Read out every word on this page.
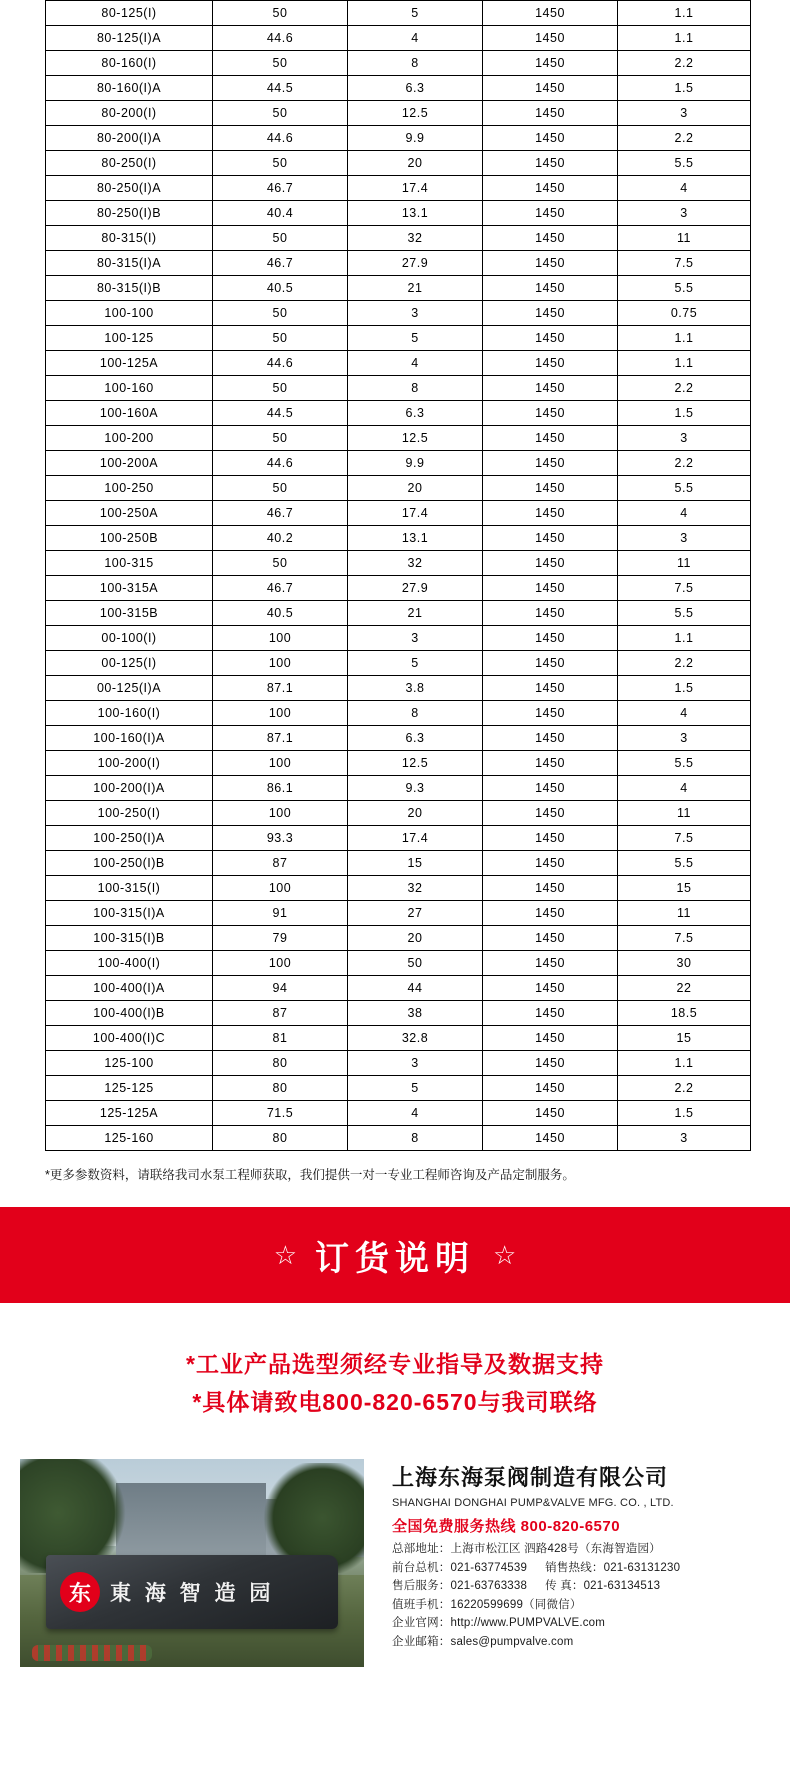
80-125(I)	50	5	1450	1.1
80-125(I)A	44.6	4	1450	1.1
80-160(I)	50	8	1450	2.2
80-160(I)A	44.5	6.3	1450	1.5
80-200(I)	50	12.5	1450	3
80-200(I)A	44.6	9.9	1450	2.2
80-250(I)	50	20	1450	5.5
80-250(I)A	46.7	17.4	1450	4
80-250(I)B	40.4	13.1	1450	3
80-315(I)	50	32	1450	11
80-315(I)A	46.7	27.9	1450	7.5
80-315(I)B	40.5	21	1450	5.5
100-100	50	3	1450	0.75
100-125	50	5	1450	1.1
100-125A	44.6	4	1450	1.1
100-160	50	8	1450	2.2
100-160A	44.5	6.3	1450	1.5
100-200	50	12.5	1450	3
100-200A	44.6	9.9	1450	2.2
100-250	50	20	1450	5.5
100-250A	46.7	17.4	1450	4
100-250B	40.2	13.1	1450	3
100-315	50	32	1450	11
100-315A	46.7	27.9	1450	7.5
100-315B	40.5	21	1450	5.5
00-100(I)	100	3	1450	1.1
00-125(I)	100	5	1450	2.2
00-125(I)A	87.1	3.8	1450	1.5
100-160(I)	100	8	1450	4
100-160(I)A	87.1	6.3	1450	3
100-200(I)	100	12.5	1450	5.5
100-200(I)A	86.1	9.3	1450	4
100-250(I)	100	20	1450	11
100-250(I)A	93.3	17.4	1450	7.5
100-250(I)B	87	15	1450	5.5
100-315(I)	100	32	1450	15
100-315(I)A	91	27	1450	11
100-315(I)B	79	20	1450	7.5
100-400(I)	100	50	1450	30
100-400(I)A	94	44	1450	22
100-400(I)B	87	38	1450	18.5
100-400(I)C	81	32.8	1450	15
125-100	80	3	1450	1.1
125-125	80	5	1450	2.2
125-125A	71.5	4	1450	1.5
125-160	80	8	1450	3
*更多参数资料，请联络我司水泵工程师获取，我们提供一对一专业工程师咨询及产品定制服务。
☆ 订货说明 ☆
*工业产品选型须经专业指导及数据支持
*具体请致电800-820-6570与我司联络
东 東 海 智 造 园
上海东海泵阀制造有限公司
SHANGHAI DONGHAI PUMP&VALVE MFG. CO. , LTD.
全国免费服务热线 800-820-6570
总部地址：上海市松江区 泗路428号（东海智造园）
前台总机：021-63774539 销售热线：021-63131230
售后服务：021-63763338 传 真：021-63134513
值班手机：16220599699（同微信）
企业官网：http://www.PUMPVALVE.com
企业邮箱：sales@pumpvalve.com
